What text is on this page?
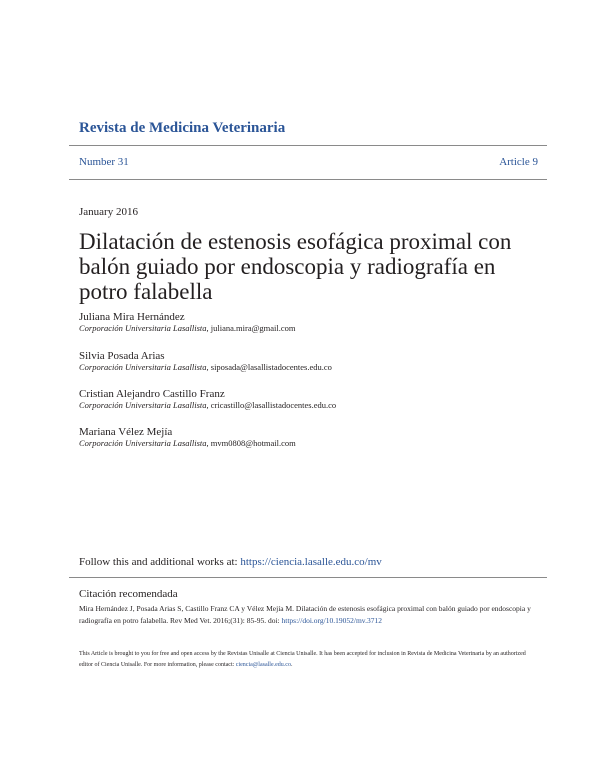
Revista de Medicina Veterinaria
Number 31	Article 9
January 2016
Dilatación de estenosis esofágica proximal con balón guiado por endoscopia y radiografía en potro falabella
Juliana Mira Hernández
Corporación Universitaria Lasallista, juliana.mira@gmail.com
Silvia Posada Arias
Corporación Universitaria Lasallista, siposada@lasallistadocentes.edu.co
Cristian Alejandro Castillo Franz
Corporación Universitaria Lasallista, cricastillo@lasallistadocentes.edu.co
Mariana Vélez Mejía
Corporación Universitaria Lasallista, mvm0808@hotmail.com
Follow this and additional works at: https://ciencia.lasalle.edu.co/mv
Citación recomendada
Mira Hernández J, Posada Arias S, Castillo Franz CA y Vélez Mejía M. Dilatación de estenosis esofágica proximal con balón guiado por endoscopia y radiografía en potro falabella. Rev Med Vet. 2016;(31): 85-95. doi: https://doi.org/10.19052/mv.3712
This Article is brought to you for free and open access by the Revistas Unisalle at Ciencia Unisalle. It has been accepted for inclusion in Revista de Medicina Veterinaria by an authorized editor of Ciencia Unisalle. For more information, please contact: ciencia@lasalle.edu.co.
